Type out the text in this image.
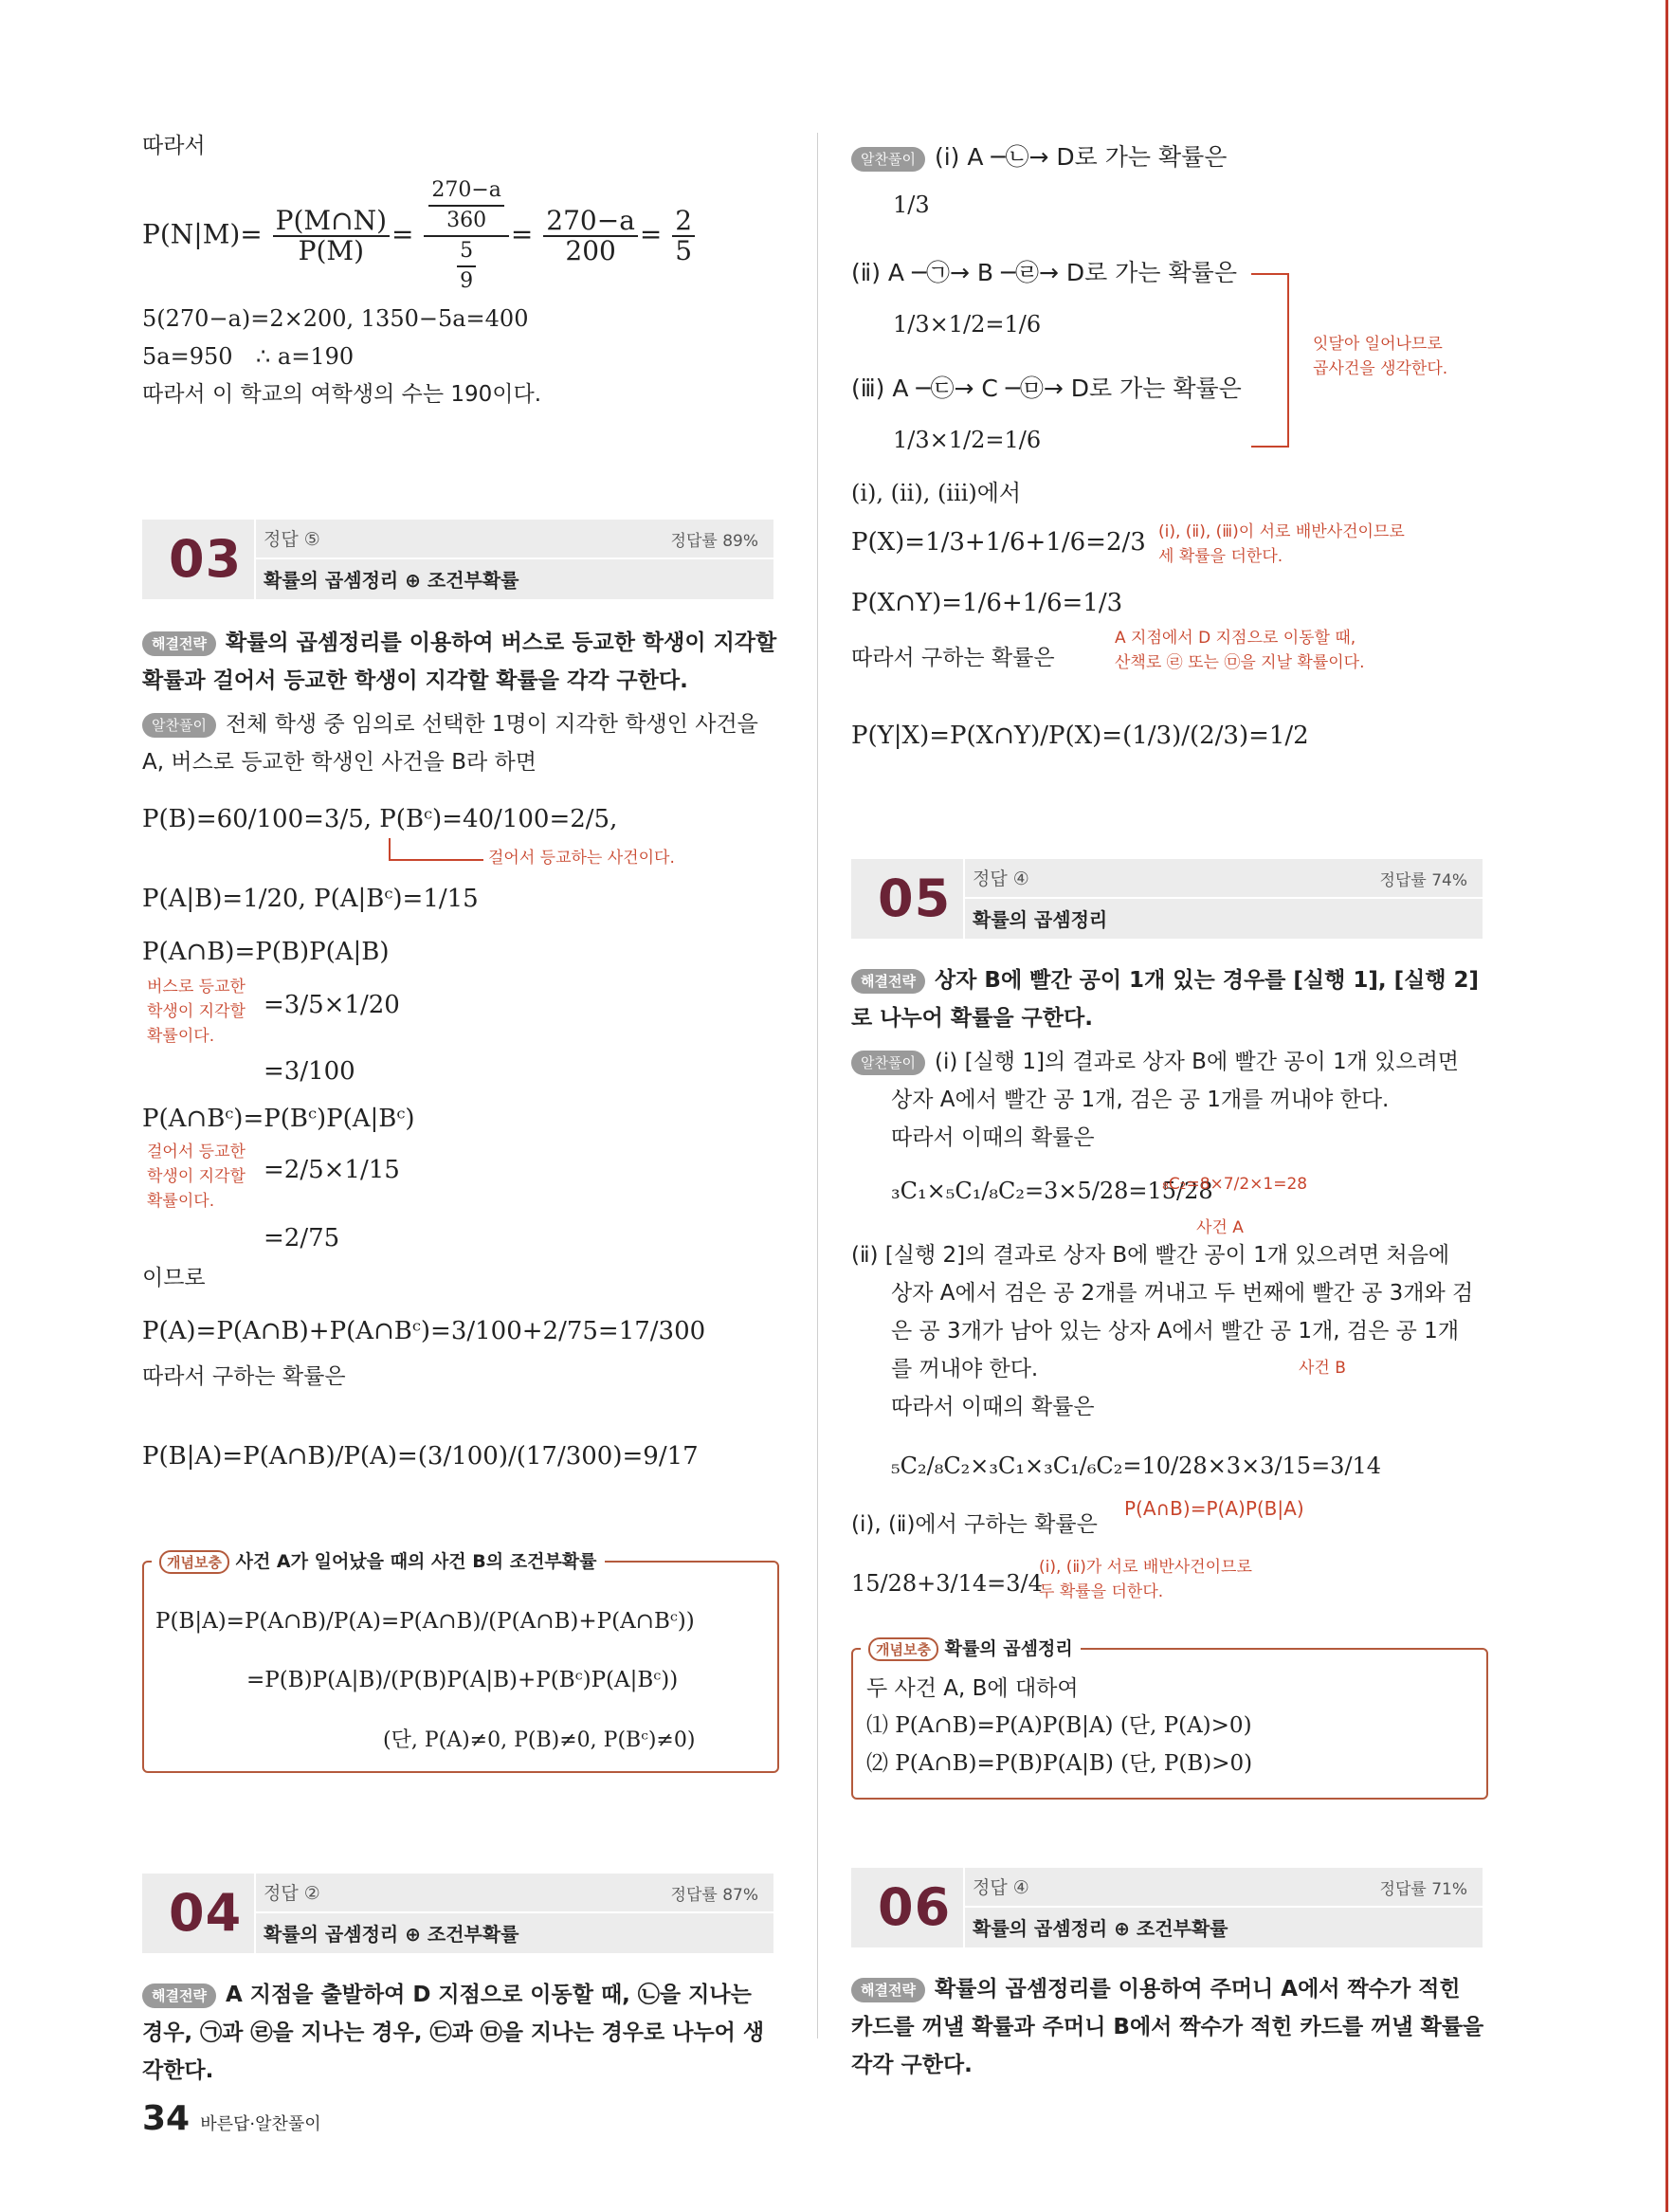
따라서
$P(N|M)= \frac{P(M\cap N)}{P(M)} = \frac{\frac{270-a}{360}}{\frac{5}{9}} = \frac{270-a}{200} = \frac{2}{5}$
5(270−a)=2×200, 1350−5a=400
5a=950 ∴ a=190
따라서 이 학교의 여학생의 수는 190이다.
03 정답 ⑤	정답률 89%
확률의 곱셈정리 ⊕ 조건부확률
해결전략 확률의 곱셈정리를 이용하여 버스로 등교한 학생이 지각할 확률과 걸어서 등교한 학생이 지각할 확률을 각각 구한다.
알찬풀이 전체 학생 중 임의로 선택한 1명이 지각한 학생인 사건을
A, 버스로 등교한 학생인 사건을 B라 하면
P(B)=60/100=3/5, P(Bᶜ)=40/100=2/5,
걸어서 등교하는 사건이다.
P(A|B)=1/20, P(A|Bᶜ)=1/15
P(A∩B)=P(B)P(A|B)
버스로 등교한
학생이 지각할
확률이다.
=3/5×1/20
=3/100
P(A∩Bᶜ)=P(Bᶜ)P(A|Bᶜ)
걸어서 등교한
학생이 지각할
확률이다.
=2/5×1/15
=2/75
이므로
P(A)=P(A∩B)+P(A∩Bᶜ)=3/100+2/75=17/300
따라서 구하는 확률은
P(B|A)=P(A∩B)/P(A)=(3/100)/(17/300)=9/17
개념보충 사건 A가 일어났을 때의 사건 B의 조건부확률
P(B|A)=P(A∩B)/P(A)=P(A∩B)/(P(A∩B)+P(A∩Bᶜ))
=P(B)P(A|B)/(P(B)P(A|B)+P(Bᶜ)P(A|Bᶜ))
(단, P(A)≠0, P(B)≠0, P(Bᶜ)≠0)
04 정답 ②	정답률 87%
확률의 곱셈정리 ⊕ 조건부확률
해결전략 A 지점을 출발하여 D 지점으로 이동할 때, ㉡을 지나는 경우, ㉠과 ㉣을 지나는 경우, ㉢과 ㉤을 지나는 경우로 나누어 생각한다.
알찬풀이 (ⅰ) A ─㉡→ D로 가는 확률은
1/3
(ⅱ) A ─㉠→ B ─㉣→ D로 가는 확률은
1/3×1/2=1/6
(ⅲ) A ─㉢→ C ─㉤→ D로 가는 확률은
1/3×1/2=1/6
잇달아 일어나므로
곱사건을 생각한다.
(ⅰ), (ⅱ), (ⅲ)에서
P(X)=1/3+1/6+1/6=2/3 (ⅰ), (ⅱ), (ⅲ)이 서로 배반사건이므로
세 확률을 더한다.
P(X∩Y)=1/6+1/6=1/3
A 지점에서 D 지점으로 이동할 때,
산책로 ㉣ 또는 ㉤을 지날 확률이다.
따라서 구하는 확률은
P(Y|X)=P(X∩Y)/P(X)=(1/3)/(2/3)=1/2
05 정답 ④	정답률 74%
확률의 곱셈정리
해결전략 상자 B에 빨간 공이 1개 있는 경우를 [실행 1], [실행 2]로 나누어 확률을 구한다.
알찬풀이 (ⅰ) [실행 1]의 결과로 상자 B에 빨간 공이 1개 있으려면
상자 A에서 빨간 공 1개, 검은 공 1개를 꺼내야 한다.
따라서 이때의 확률은
₃C₁×₅C₁/₈C₂=3×5/28=15/28
₈C₂=8×7/2×1=28
사건 A
(ⅱ) [실행 2]의 결과로 상자 B에 빨간 공이 1개 있으려면 처음에
상자 A에서 검은 공 2개를 꺼내고 두 번째에 빨간 공 3개와 검
은 공 3개가 남아 있는 상자 A에서 빨간 공 1개, 검은 공 1개
를 꺼내야 한다.	사건 B
따라서 이때의 확률은
₅C₂/₈C₂×₃C₁×₃C₁/₆C₂=10/28×3×3/15=3/14
(ⅰ), (ⅱ)에서 구하는 확률은
P(A∩B)=P(A)P(B|A)
15/28+3/14=3/4
(ⅰ), (ⅱ)가 서로 배반사건이므로
두 확률을 더한다.
개념보충 확률의 곱셈정리
두 사건 A, B에 대하여
⑴ P(A∩B)=P(A)P(B|A) (단, P(A)>0)
⑵ P(A∩B)=P(B)P(A|B) (단, P(B)>0)
06 정답 ④	정답률 71%
확률의 곱셈정리 ⊕ 조건부확률
해결전략 확률의 곱셈정리를 이용하여 주머니 A에서 짝수가 적힌 카드를 꺼낼 확률과 주머니 B에서 짝수가 적힌 카드를 꺼낼 확률을 각각 구한다.
34 바른답·알찬풀이
